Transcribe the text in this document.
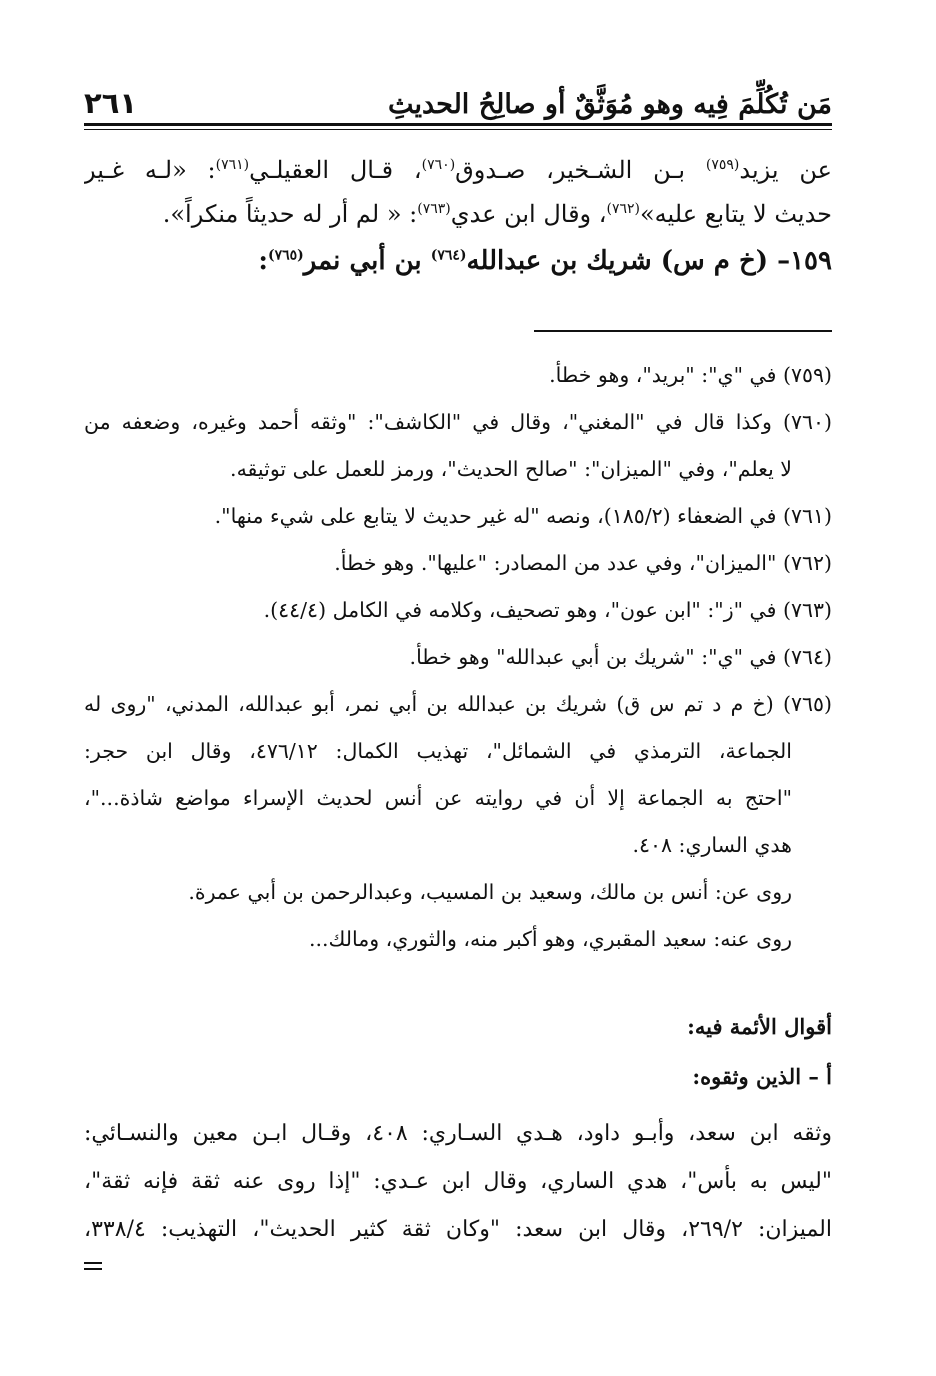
مَن تُكُلِّمَ فِيه وهو مُوَثَّقٌ أو صالِحُ الحديثِ
٢٦١
عن يزيد$^{(٧٥٩)}$ بـن الشـخير، صـدوق$^{(٧٦٠)}$، قـال العقيلـي$^{(٧٦١)}$: «لـه غـير
حديث لا يتابع عليه»$^{(٧٦٢)}$، وقال ابن عدي$^{(٧٦٣)}$: « لم أر له حديثاً منكراً».
١٥٩– (خ م س) شريك بن عبدالله$^{(٧٦٤)}$ بن أبي نمر$^{(٧٦٥)}$:
(٧٥٩) في "ي": "بريد"، وهو خطأ.
(٧٦٠) وكذا قال في "المغني"، وقال في "الكاشف": "وثقه أحمد وغيره، وضعفه من
لا يعلم"، وفي "الميزان": "صالح الحديث"، ورمز للعمل على توثيقه.
(٧٦١) في الضعفاء (١٨٥/٢)، ونصه "له غير حديث لا يتابع على شيء منها".
(٧٦٢) "الميزان"، وفي عدد من المصادر: "عليها". وهو خطأ.
(٧٦٣) في "ز": "ابن عون"، وهو تصحيف، وكلامه في الكامل (٤٤/٤).
(٧٦٤) في "ي": "شريك بن أبي عبدالله" وهو خطأ.
(٧٦٥) (خ م د تم س ق) شريك بن عبدالله بن أبي نمر، أبو عبدالله، المدني، "روى له
الجماعة، الترمذي في الشمائل"، تهذيب الكمال: ٤٧٦/١٢، وقال ابن حجر:
"احتج به الجماعة إلا أن في روايته عن أنس لحديث الإسراء مواضع شاذة..."،
هدي الساري: ٤٠٨.
روى عن: أنس بن مالك، وسعيد بن المسيب، وعبدالرحمن بن أبي عمرة.
روى عنه: سعيد المقبري، وهو أكبر منه، والثوري، ومالك...
أقوال الأئمة فيه:
أ – الذين وثقوه:
وثقه ابن سعد، وأبـو داود، هـدي السـاري: ٤٠٨، وقـال ابـن معين والنسـائي:
"ليس به بأس"، هدي الساري، وقال ابن عـدي: "إذا روى عنه ثقة فإنه ثقة"،
الميزان: ٢٦٩/٢، وقال ابن سعد: "وكان ثقة كثير الحديث"، التهذيب: ٣٣٨/٤،
